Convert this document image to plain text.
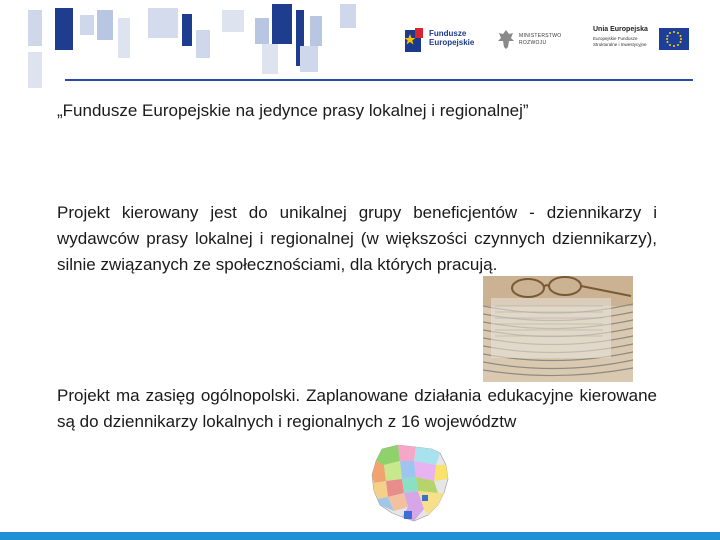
Fundusze
Europejskie
MINISTERSTWO
ROZWOJU
Unia Europejska
Europejskie Fundusze Strukturalne i Inwestycyjne
„Fundusze Europejskie na jedynce prasy lokalnej i regionalnej”
Projekt kierowany jest do unikalnej grupy beneficjentów - dziennikarzy i wydawców prasy lokalnej i regionalnej (w większości czynnych dziennikarzy), silnie związanych ze społecznościami, dla których pracują.
Projekt ma zasięg ogólnopolski. Zaplanowane działania edukacyjne kierowane są do dziennikarzy lokalnych i regionalnych z 16 województw
